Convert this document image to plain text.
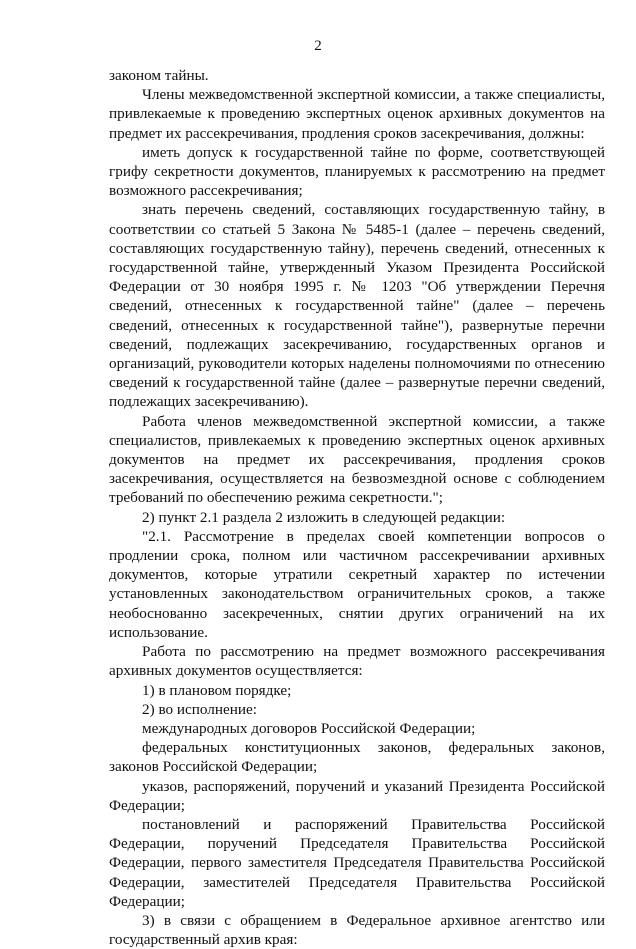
2

законом тайны.

Члены межведомственной экспертной комиссии, а также специалисты, привлекаемые к проведению экспертных оценок архивных документов на предмет их рассекречивания, продления сроков засекречивания, должны:

иметь допуск к государственной тайне по форме, соответствующей грифу секретности документов, планируемых к рассмотрению на предмет возможного рассекречивания;

знать перечень сведений, составляющих государственную тайну, в соответствии со статьей 5 Закона № 5485-1 (далее – перечень сведений, составляющих государственную тайну), перечень сведений, отнесенных к государственной тайне, утвержденный Указом Президента Российской Федерации от 30 ноября 1995 г. № 1203 "Об утверждении Перечня сведений, отнесенных к государственной тайне" (далее – перечень сведений, отнесенных к государственной тайне"), развернутые перечни сведений, подлежащих засекречиванию, государственных органов и организаций, руководители которых наделены полномочиями по отнесению сведений к государственной тайне (далее – развернутые перечни сведений, подлежащих засекречиванию).

Работа членов межведомственной экспертной комиссии, а также специалистов, привлекаемых к проведению экспертных оценок архивных документов на предмет их рассекречивания, продления сроков засекречивания, осуществляется на безвозмездной основе с соблюдением требований по обеспечению режима секретности.";

2) пункт 2.1 раздела 2 изложить в следующей редакции:

"2.1. Рассмотрение в пределах своей компетенции вопросов о продлении срока, полном или частичном рассекречивании архивных документов, которые утратили секретный характер по истечении установленных законодательством ограничительных сроков, а также необоснованно засекреченных, снятии других ограничений на их использование.

Работа по рассмотрению на предмет возможного рассекречивания архивных документов осуществляется:

1) в плановом порядке;

2) во исполнение:

международных договоров Российской Федерации;

федеральных конституционных законов, федеральных законов, законов Российской Федерации;

указов, распоряжений, поручений и указаний Президента Российской Федерации;

постановлений и распоряжений Правительства Российской Федерации, поручений Председателя Правительства Российской Федерации, первого заместителя Председателя Правительства Российской Федерации, заместителей Председателя Правительства Российской Федерации;

3) в связи с обращением в Федеральное архивное агентство или государственный архив края:
